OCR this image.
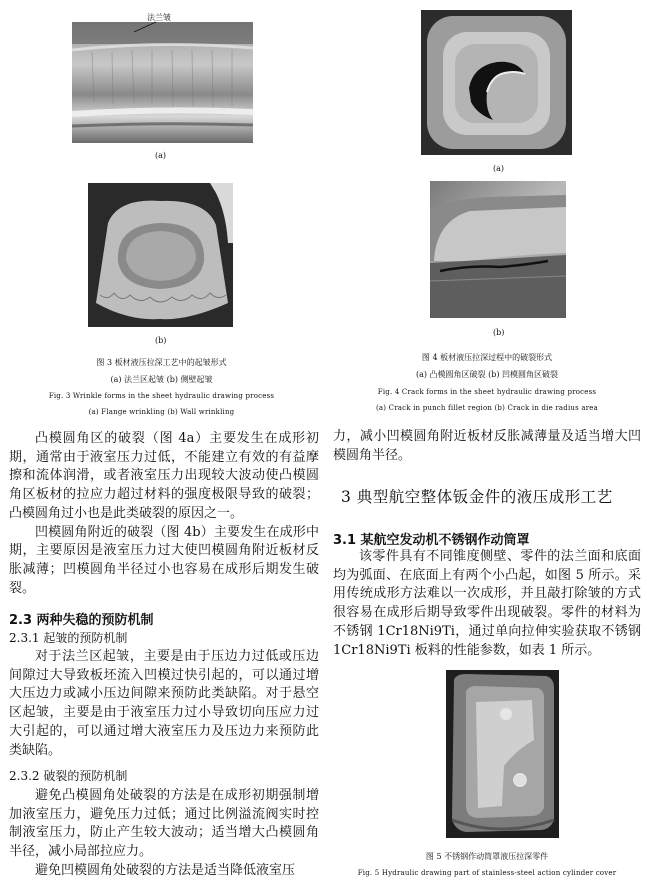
法兰皱
(a)
(b)
图 3 板材液压拉深工艺中的起皱形式
(a) 法兰区起皱 (b) 侧壁起皱
Fig. 3 Wrinkle forms in the sheet hydraulic drawing process
(a) Flange wrinkling (b) Wall wrinkling

凸模圆角区的破裂（图 4a）主要发生在成形初期，通常由于液室压力过低，不能建立有效的有益摩擦和流体润滑，或者液室压力出现较大波动使凸模圆角区板材的拉应力超过材料的强度极限导致的破裂；凸模圆角过小也是此类破裂的原因之一。

凹模圆角附近的破裂（图 4b）主要发生在成形中期，主要原因是液室压力过大使凹模圆角附近板材反胀减薄；凹模圆角半径过小也容易在成形后期发生破裂。

2.3 两种失稳的预防机制
2.3.1 起皱的预防机制

对于法兰区起皱，主要是由于压边力过低或压边间隙过大导致板坯流入凹模过快引起的，可以通过增大压边力或减小压边间隙来预防此类缺陷。对于悬空区起皱，主要是由于液室压力过小导致切向压应力过大引起的，可以通过增大液室压力及压边力来预防此类缺陷。

2.3.2 破裂的预防机制

避免凸模圆角处破裂的方法是在成形初期强制增加液室压力，避免压力过低；通过比例溢流阀实时控制液室压力，防止产生较大波动；适当增大凸模圆角半径，减小局部拉应力。

避免凹模圆角处破裂的方法是适当降低液室压

(a)
(b)
图 4 板材液压拉深过程中的破裂形式
(a) 凸模圆角区破裂 (b) 凹模圆角区破裂
Fig. 4 Crack forms in the sheet hydraulic drawing process
(a) Crack in punch fillet region (b) Crack in die radius area

力，减小凹模圆角附近板材反胀减薄量及适当增大凹模圆角半径。

3 典型航空整体钣金件的液压成形工艺
3.1 某航空发动机不锈钢作动筒罩

该零件具有不同锥度侧壁、零件的法兰面和底面均为弧面、在底面上有两个小凸起，如图 5 所示。采用传统成形方法难以一次成形，并且敲打除皱的方式很容易在成形后期导致零件出现破裂。零件的材料为不锈钢 1Cr18Ni9Ti，通过单向拉伸实验获取不锈钢 1Cr18Ni9Ti 板料的性能参数，如表 1 所示。

图 5 不锈钢作动筒罩液压拉深零件
Fig. 5 Hydraulic drawing part of stainless-steel action cylinder cover
